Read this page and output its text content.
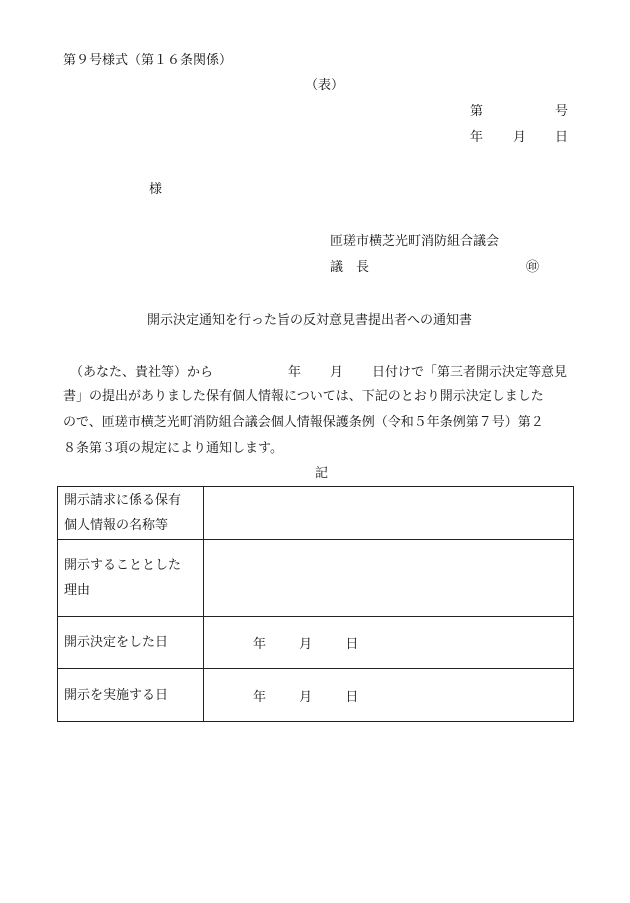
第９号様式（第１６条関係）
（表）
第	号
年 月 日
様
匝瑳市横芝光町消防組合議会
議　長	㊞
開示決定通知を行った旨の反対意見書提出者への通知書
（あなた、貴社等）から	年 月 日付けで「第三者開示決定等意見
書」の提出がありました保有個人情報については、下記のとおり開示決定しました
ので、匝瑳市横芝光町消防組合議会個人情報保護条例（令和５年条例第７号）第２
８条第３項の規定により通知します。
記
開示請求に係る保有
個人情報の名称等	

開示することとした
理由	

開示決定をした日	年 月 日

開示を実施する日	年 月 日
